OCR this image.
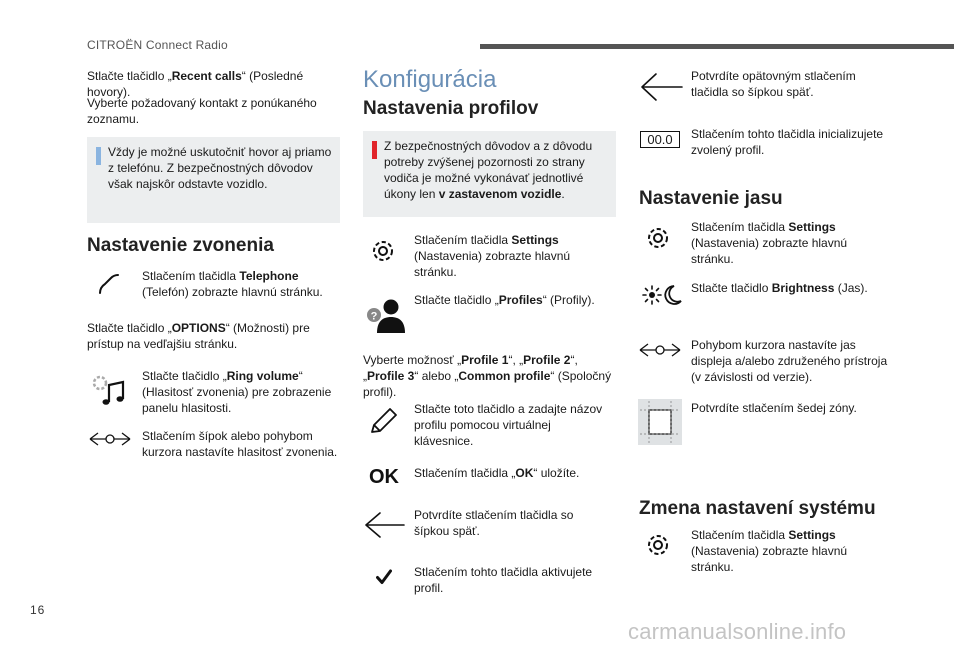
CITROËN Connect Radio
Stlačte tlačidlo „Recent calls“ (Posledné hovory).
Vyberte požadovaný kontakt z ponúkaného zoznamu.
Vždy je možné uskutočniť hovor aj priamo z telefónu. Z bezpečnostných dôvodov však najskôr odstavte vozidlo.
Nastavenie zvonenia
Stlačením tlačidla Telephone (Telefón) zobrazte hlavnú stránku.
Stlačte tlačidlo „OPTIONS“ (Možnosti) pre prístup na vedľajšiu stránku.
Stlačte tlačidlo „Ring volume“ (Hlasitosť zvonenia) pre zobrazenie panelu hlasitosti.
Stlačením šípok alebo pohybom kurzora nastavíte hlasitosť zvonenia.
Konfigurácia
Nastavenia profilov
Z bezpečnostných dôvodov a z dôvodu potreby zvýšenej pozornosti zo strany vodiča je možné vykonávať jednotlivé úkony len v zastavenom vozidle.
Stlačením tlačidla Settings (Nastavenia) zobrazte hlavnú stránku.
?
Stlačte tlačidlo „Profiles“ (Profily).
Vyberte možnosť „Profile 1“, „Profile 2“, „Profile 3“ alebo „Common profile“ (Spoločný profil).
Stlačte toto tlačidlo a zadajte názov profilu pomocou virtuálnej klávesnice.
OK Stlačením tlačidla „OK“ uložíte.
Potvrdíte stlačením tlačidla so šípkou späť.
Stlačením tohto tlačidla aktivujete profil.
Potvrdíte opätovným stlačením tlačidla so šípkou späť.
00.0	Stlačením tohto tlačidla inicializujete zvolený profil.
Nastavenie jasu
Stlačením tlačidla Settings (Nastavenia) zobrazte hlavnú stránku.
Stlačte tlačidlo Brightness (Jas).
Pohybom kurzora nastavíte jas displeja a/alebo združeného prístroja (v závislosti od verzie).
Potvrdíte stlačením šedej zóny.
Zmena nastavení systému
Stlačením tlačidla Settings (Nastavenia) zobrazte hlavnú stránku.
16
carmanualsonline.info
